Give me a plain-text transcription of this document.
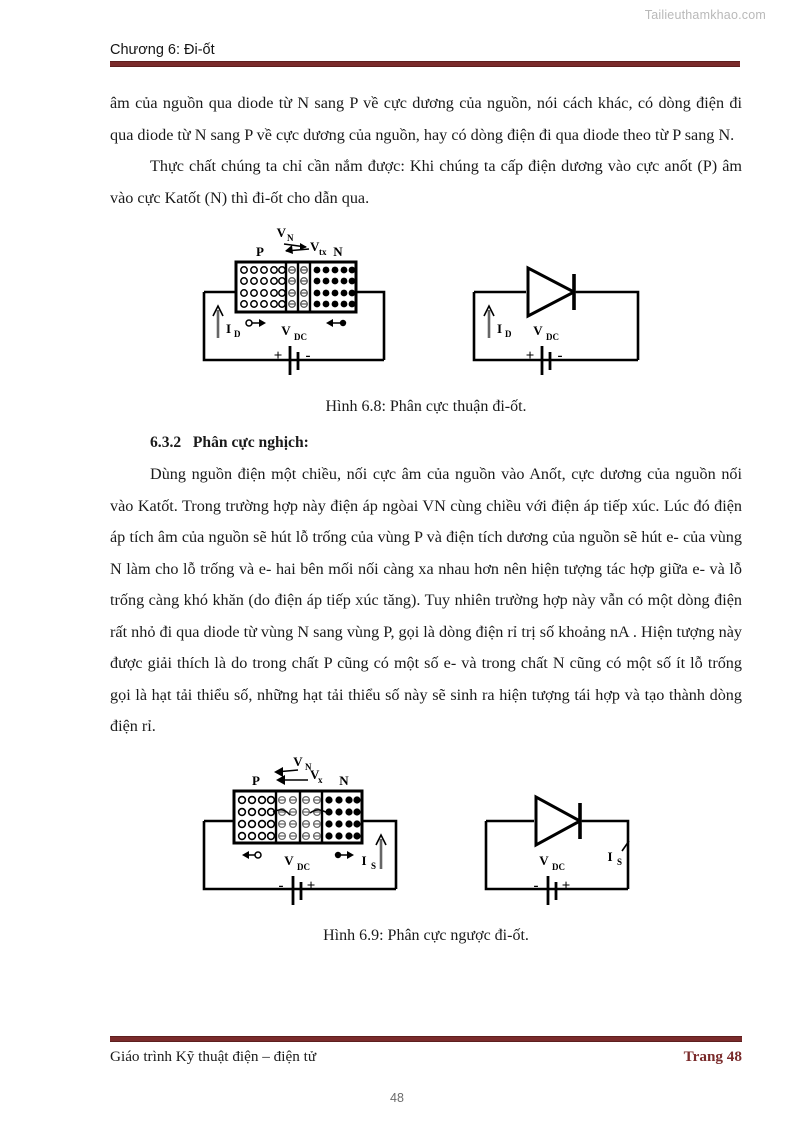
Tailieuthamkhao.com
Chương 6: Đi-ốt

âm của nguồn qua diode từ N sang P về cực dương của nguồn, nói cách khác, có dòng điện đi qua diode từ N sang P về cực dương của nguồn, hay có dòng điện đi qua diode theo từ P sang N.

Thực chất chúng ta chỉ cần nắm được: Khi chúng ta cấp điện dương vào cực anốt (P) âm vào cực Katốt (N) thì đi-ốt cho dẫn qua.

P	N
V N
V tx
I D	V DC
+ -
I D V DC
+ -

Hình 6.8: Phân cực thuận đi-ốt.

6.3.2 Phân cực nghịch:

Dùng nguồn điện một chiều, nối cực âm của nguồn vào Anốt, cực dương của nguồn nối vào Katốt. Trong trường hợp này điện áp ngòai VN cùng chiều với điện áp tiếp xúc. Lúc đó điện áp tích âm của nguồn sẽ hút lỗ trống của vùng P và điện tích dương của nguồn sẽ hút e- của vùng N làm cho lỗ trống và e- hai bên mối nối càng xa nhau hơn nên hiện tượng tác hợp giữa e- và lỗ trống càng khó khăn (do điện áp tiếp xúc tăng). Tuy nhiên trường hợp này vẫn có một dòng điện rất nhỏ đi qua diode từ vùng N sang vùng P, gọi là dòng điện rỉ trị số khoảng nA . Hiện tượng này được giải thích là do trong chất P cũng có một số e- và trong chất N cũng có một số ít lỗ trống gọi là hạt tải thiểu số, những hạt tải thiểu số này sẽ sinh ra hiện tượng tái hợp và tạo thành dòng điện rỉ.

P	N
V N
V
x
I S
V DC
- +
I S
V DC
- +

Hình 6.9: Phân cực ngược đi-ốt.

Giáo trình Kỹ thuật điện – điện tử	Trang 48
48
